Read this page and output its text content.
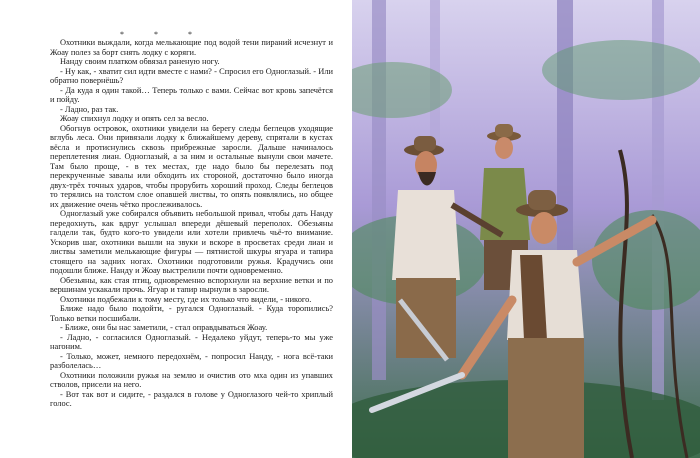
* * *

Охотники выждали, когда мелькающие под водой тени пираний исчезнут и Жоау полез за борт снять лодку с коряги.

Нанду своим платком обвязал раненую ногу.

- Ну как, - хватит сил идти вместе с нами? - Спросил его Одноглазый. - Или обратно повернёшь?

- Да куда я один такой… Теперь только с вами. Сейчас вот кровь запечётся и пойду.

- Ладно, раз так.

Жоау спихнул лодку и опять сел за весло.

Обогнув островок, охотники увидели на берегу следы беглецов уходящие вглубь леса. Они привязали лодку к ближайшему дереву, спрятали в кустах вёсла и протиснулись сквозь прибрежные заросли. Дальше начиналось переплетения лиан. Одноглазый, а за ним и остальные вынули свои мачете. Там было проще, - в тех местах, где надо было бы перелезать под перекрученные завалы или обходить их стороной, достаточно было иногда двух-трёх точных ударов, чтобы прорубить хороший проход. Следы беглецов то терялись на толстом слое опавшей листвы, то опять появлялись, но общее их движение очень чётко прослеживалось.

Одноглазый уже собирался объявить небольшой привал, чтобы дать Нанду передохнуть, как вдруг услышал впереди дёшевый переполох. Обезьяны галдели так, будто кого-то увидели или хотели привлечь чьё-то внимание. Ускорив шаг, охотники вышли на звуки и вскоре в просветах среди лиан и листвы заметили мелькающие фигуры — пятнистой шкуры ягуара и тапира стоящего на задних ногах. Охотники подготовили ружья. Крадучись они подошли ближе. Нанду и Жоау выстрелили почти одновременно.

Обезьяны, как стая птиц, одновременно вспорхнули на верхние ветки и по вершинам ускакали прочь. Ягуар и тапир нырнули в заросли.

Охотники подбежали к тому месту, где их только что видели, - никого.

Ближе надо было подойти, - ругался Одноглазый. - Куда торопились? Только ветки посшибали.

- Ближе, они бы нас заметили, - стал оправдываться Жоау.

- Ладно, - согласился Одноглазый. - Недалеко уйдут, теперь-то мы уже нагоним.

- Только, может, немного передохнём, - попросил Нанду, - нога всё-таки разболелась…

Охотники положили ружья на землю и очистив ото мха один из упавших стволов, присели на него.

- Вот так вот и сидите, - раздался в голове у Одноглазого чей-то хриплый голос.
